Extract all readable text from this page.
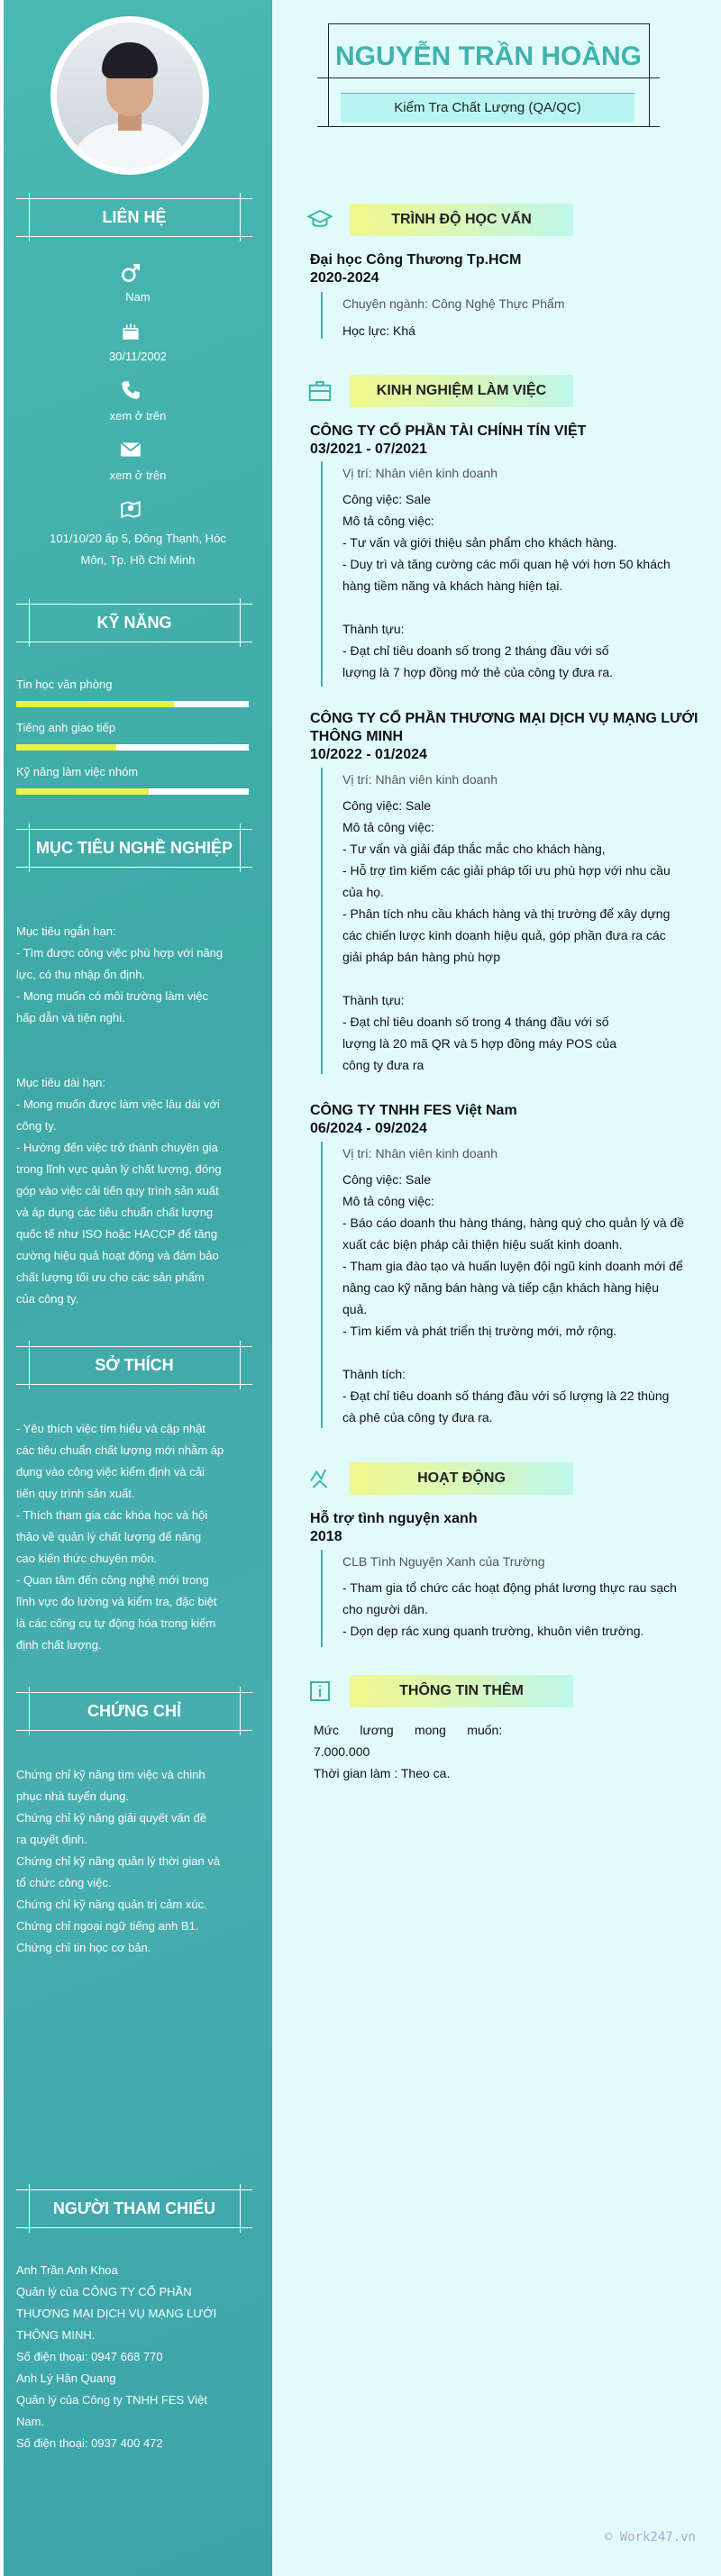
LIÊN HỆ
Nam
30/11/2002
xem ở trên
xem ở trên
101/10/20 ấp 5, Đông Thạnh, Hóc
Môn, Tp. Hồ Chí Minh
KỸ NĂNG
Tin học văn phòng
Tiếng anh giao tiếp
Kỹ năng làm việc nhóm
MỤC TIÊU NGHỀ NGHIỆP
Mục tiêu ngắn hạn:
- Tìm được công việc phù hợp với năng
lực, có thu nhập ổn định.
- Mong muốn có môi trường làm việc
hấp dẫn và tiện nghi.

Mục tiêu dài hạn:
- Mong muốn được làm việc lâu dài với
công ty.
- Hướng đến việc trở thành chuyên gia
trong lĩnh vực quản lý chất lượng, đóng
góp vào việc cải tiến quy trình sản xuất
và áp dụng các tiêu chuẩn chất lượng
quốc tế như ISO hoặc HACCP để tăng
cường hiệu quả hoạt động và đảm bảo
chất lượng tối ưu cho các sản phẩm
của công ty.
SỞ THÍCH
- Yêu thích việc tìm hiểu và cập nhật
các tiêu chuẩn chất lượng mới nhằm áp
dụng vào công việc kiểm định và cải
tiến quy trình sản xuất.
- Thích tham gia các khóa học và hội
thảo về quản lý chất lượng để nâng
cao kiến thức chuyên môn.
- Quan tâm đến công nghệ mới trong
lĩnh vực đo lường và kiểm tra, đặc biệt
là các công cụ tự động hóa trong kiểm
định chất lượng.
CHỨNG CHỈ
Chứng chỉ kỹ năng tìm việc và chinh
phục nhà tuyển dụng.
Chứng chỉ kỹ năng giải quyết vấn đề
ra quyết định.
Chứng chỉ kỹ năng quản lý thời gian và
tổ chức công việc.
Chứng chỉ kỹ năng quản trị cảm xúc.
Chứng chỉ ngoại ngữ tiếng anh B1.
Chứng chỉ tin học cơ bản.
NGƯỜI THAM CHIẾU
Anh Trần Anh Khoa
Quản lý của CÔNG TY CỔ PHẦN
THƯƠNG MẠI DỊCH VỤ MẠNG LƯỚI
THÔNG MINH.
Số điện thoại: 0947 668 770
Anh Lý Hân Quang
Quản lý của Công ty TNHH FES Việt
Nam.
Số điện thoại: 0937 400 472
NGUYỄN TRẦN HOÀNG
Kiểm Tra Chất Lượng (QA/QC)
TRÌNH ĐỘ HỌC VẤN
Đại học Công Thương Tp.HCM
2020-2024
Chuyên ngành: Công Nghệ Thực Phẩm
Học lực: Khá
KINH NGHIỆM LÀM VIỆC
CÔNG TY CỔ PHẦN TÀI CHÍNH TÍN VIỆT
03/2021 - 07/2021
Vị trí: Nhân viên kinh doanh
Công việc: Sale
Mô tả công việc:
- Tư vấn và giới thiệu sản phẩm cho khách hàng.
- Duy trì và tăng cường các mối quan hệ với hơn 50 khách
hàng tiềm năng và khách hàng hiện tại.

Thành tựu:
- Đạt chỉ tiêu doanh số trong 2 tháng đầu với số
lượng là 7 hợp đồng mở thẻ của công ty đưa ra.
CÔNG TY CỔ PHẦN THƯƠNG MẠI DỊCH VỤ MẠNG LƯỚI THÔNG MINH
10/2022 - 01/2024
Vị trí: Nhân viên kinh doanh
Công việc: Sale
Mô tả công việc:
- Tư vấn và giải đáp thắc mắc cho khách hàng,
- Hỗ trợ tìm kiếm các giải pháp tối ưu phù hợp với nhu cầu
của họ.
- Phân tích nhu cầu khách hàng và thị trường để xây dựng
các chiến lược kinh doanh hiệu quả, góp phần đưa ra các
giải pháp bán hàng phù hợp

Thành tựu:
- Đạt chỉ tiêu doanh số trong 4 tháng đầu với số
lượng là 20 mã QR và 5 hợp đồng máy POS của
công ty đưa ra
CÔNG TY TNHH FES Việt Nam
06/2024 - 09/2024
Vị trí: Nhân viên kinh doanh
Công việc: Sale
Mô tả công việc:
- Báo cáo doanh thu hàng tháng, hàng quý cho quản lý và đề
xuất các biện pháp cải thiện hiệu suất kinh doanh.
- Tham gia đào tạo và huấn luyện đội ngũ kinh doanh mới để
nâng cao kỹ năng bán hàng và tiếp cận khách hàng hiệu
quả.
- Tìm kiếm và phát triển thị trường mới, mở rộng.

Thành tích:
- Đạt chỉ tiêu doanh số tháng đầu với số lượng là 22 thùng
cà phê của công ty đưa ra.
HOẠT ĐỘNG
Hỗ trợ tình nguyện xanh
2018
CLB Tình Nguyện Xanh của Trường
- Tham gia tổ chức các hoạt động phát lương thực rau sạch
cho người dân.
- Dọn dẹp rác xung quanh trường, khuôn viên trường.
THÔNG TIN THÊM
Mức      lương      mong      muốn:
7.000.000
Thời gian làm : Theo ca.
© Work247.vn
